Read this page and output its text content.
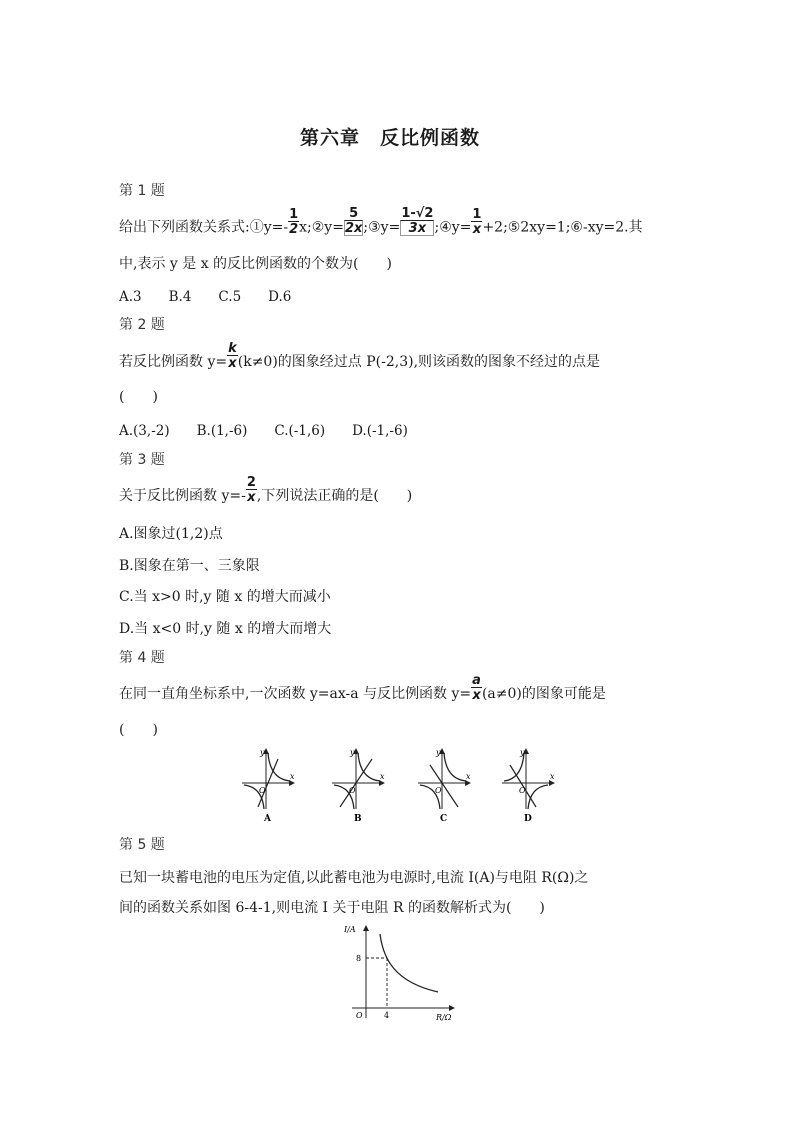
第六章　反比例函数
第 1 题
给出下列函数关系式:①y=- $\frac{1}{2}$ x;②y= $\frac{5}{2x}$ ;③y= $\frac{1-√2}{3x}$ ;④y= $\frac{1}{x}$ +2;⑤2xy=1;⑥-xy=2.其
中,表示 y 是 x 的反比例函数的个数为(　　)
A.3　　B.4　　C.5　　D.6
第 2 题
若反比例函数 $y= \frac{k}{x} (k\ne 0)$的图象经过点 P(-2,3),则该函数的图象不经过的点是
(　　)
A.(3,-2)　　B.(1,-6)　　C.(-1,6)　　D.(-1,-6)
第 3 题
关于反比例函数 $y=- \frac{2}{x}$ ,下列说法正确的是(　　)
A.图象过(1,2)点
B.图象在第一、三象限
C.当 x>0 时,y 随 x 的增大而减小
D.当 x<0 时,y 随 x 的增大而增大
第 4 题
在同一直角坐标系中,一次函数 y=ax-a 与反比例函数 $y= \frac{a}{x} (a\ne 0)$的图象可能是
(　　)
y
x
O
A
y
x
O
B
y
x
O
C
y
x
O
D
第 5 题
已知一块蓄电池的电压为定值,以此蓄电池为电源时,电流 I(A)与电阻 R(Ω)之
间的函数关系如图 6-4-1,则电流 I 关于电阻 R 的函数解析式为(　　)
I/A
R/Ω
O
8
4
